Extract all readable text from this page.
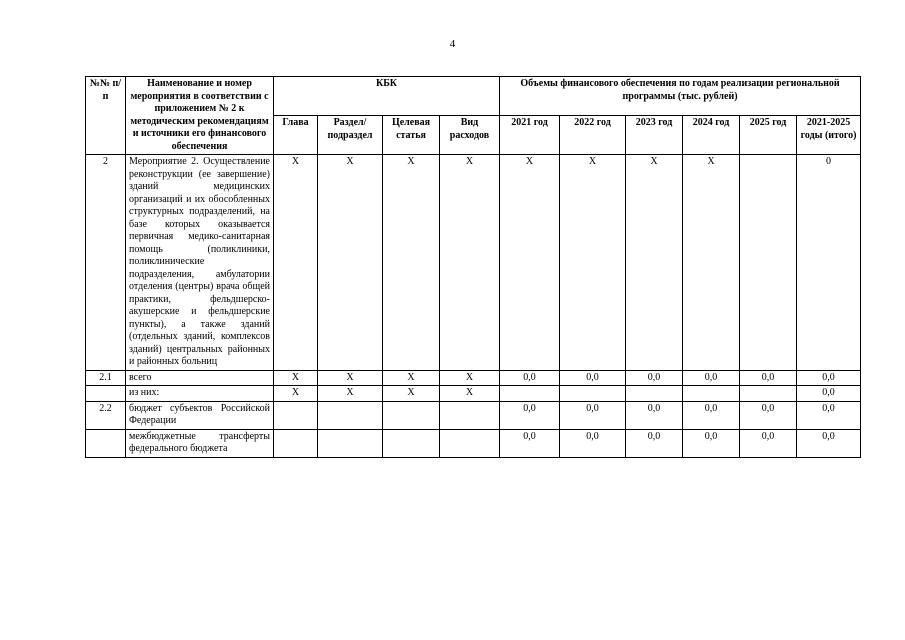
4
№№ п/п	Наименование и номер мероприятия в соответствии с приложением № 2 к методическим рекомендациям и источники его финансового обеспечения	КБК				Объемы финансового обеспечения по годам реализации региональной программы (тыс. рублей)					
		Глава	Раздел/ подраздел	Целевая статья	Вид расходов	2021 год	2022 год	2023 год	2024 год	2025 год	2021-2025 годы (итого)
2	Мероприятие 2. Осуществление реконструкции (ее завершение) зданий медицинских организаций и их обособленных структурных подразделений, на базе которых оказывается первичная медико-санитарная помощь (поликлиники, поликлинические подразделения, амбулатории отделения (центры) врача общей практики, фельдшерско-акушерские и фельдшерские пункты), а также зданий (отдельных зданий, комплексов зданий) центральных районных и районных больниц	X	X	X	X	X	X	X	X		0
2.1	всего	X	X	X	X	0,0	0,0	0,0	0,0	0,0	0,0
	из них:	X	X	X	X						0,0
2.2	бюджет субъектов Российской Федерации					0,0	0,0	0,0	0,0	0,0	0,0
	межбюджетные трансферты федерального бюджета					0,0	0,0	0,0	0,0	0,0	0,0
